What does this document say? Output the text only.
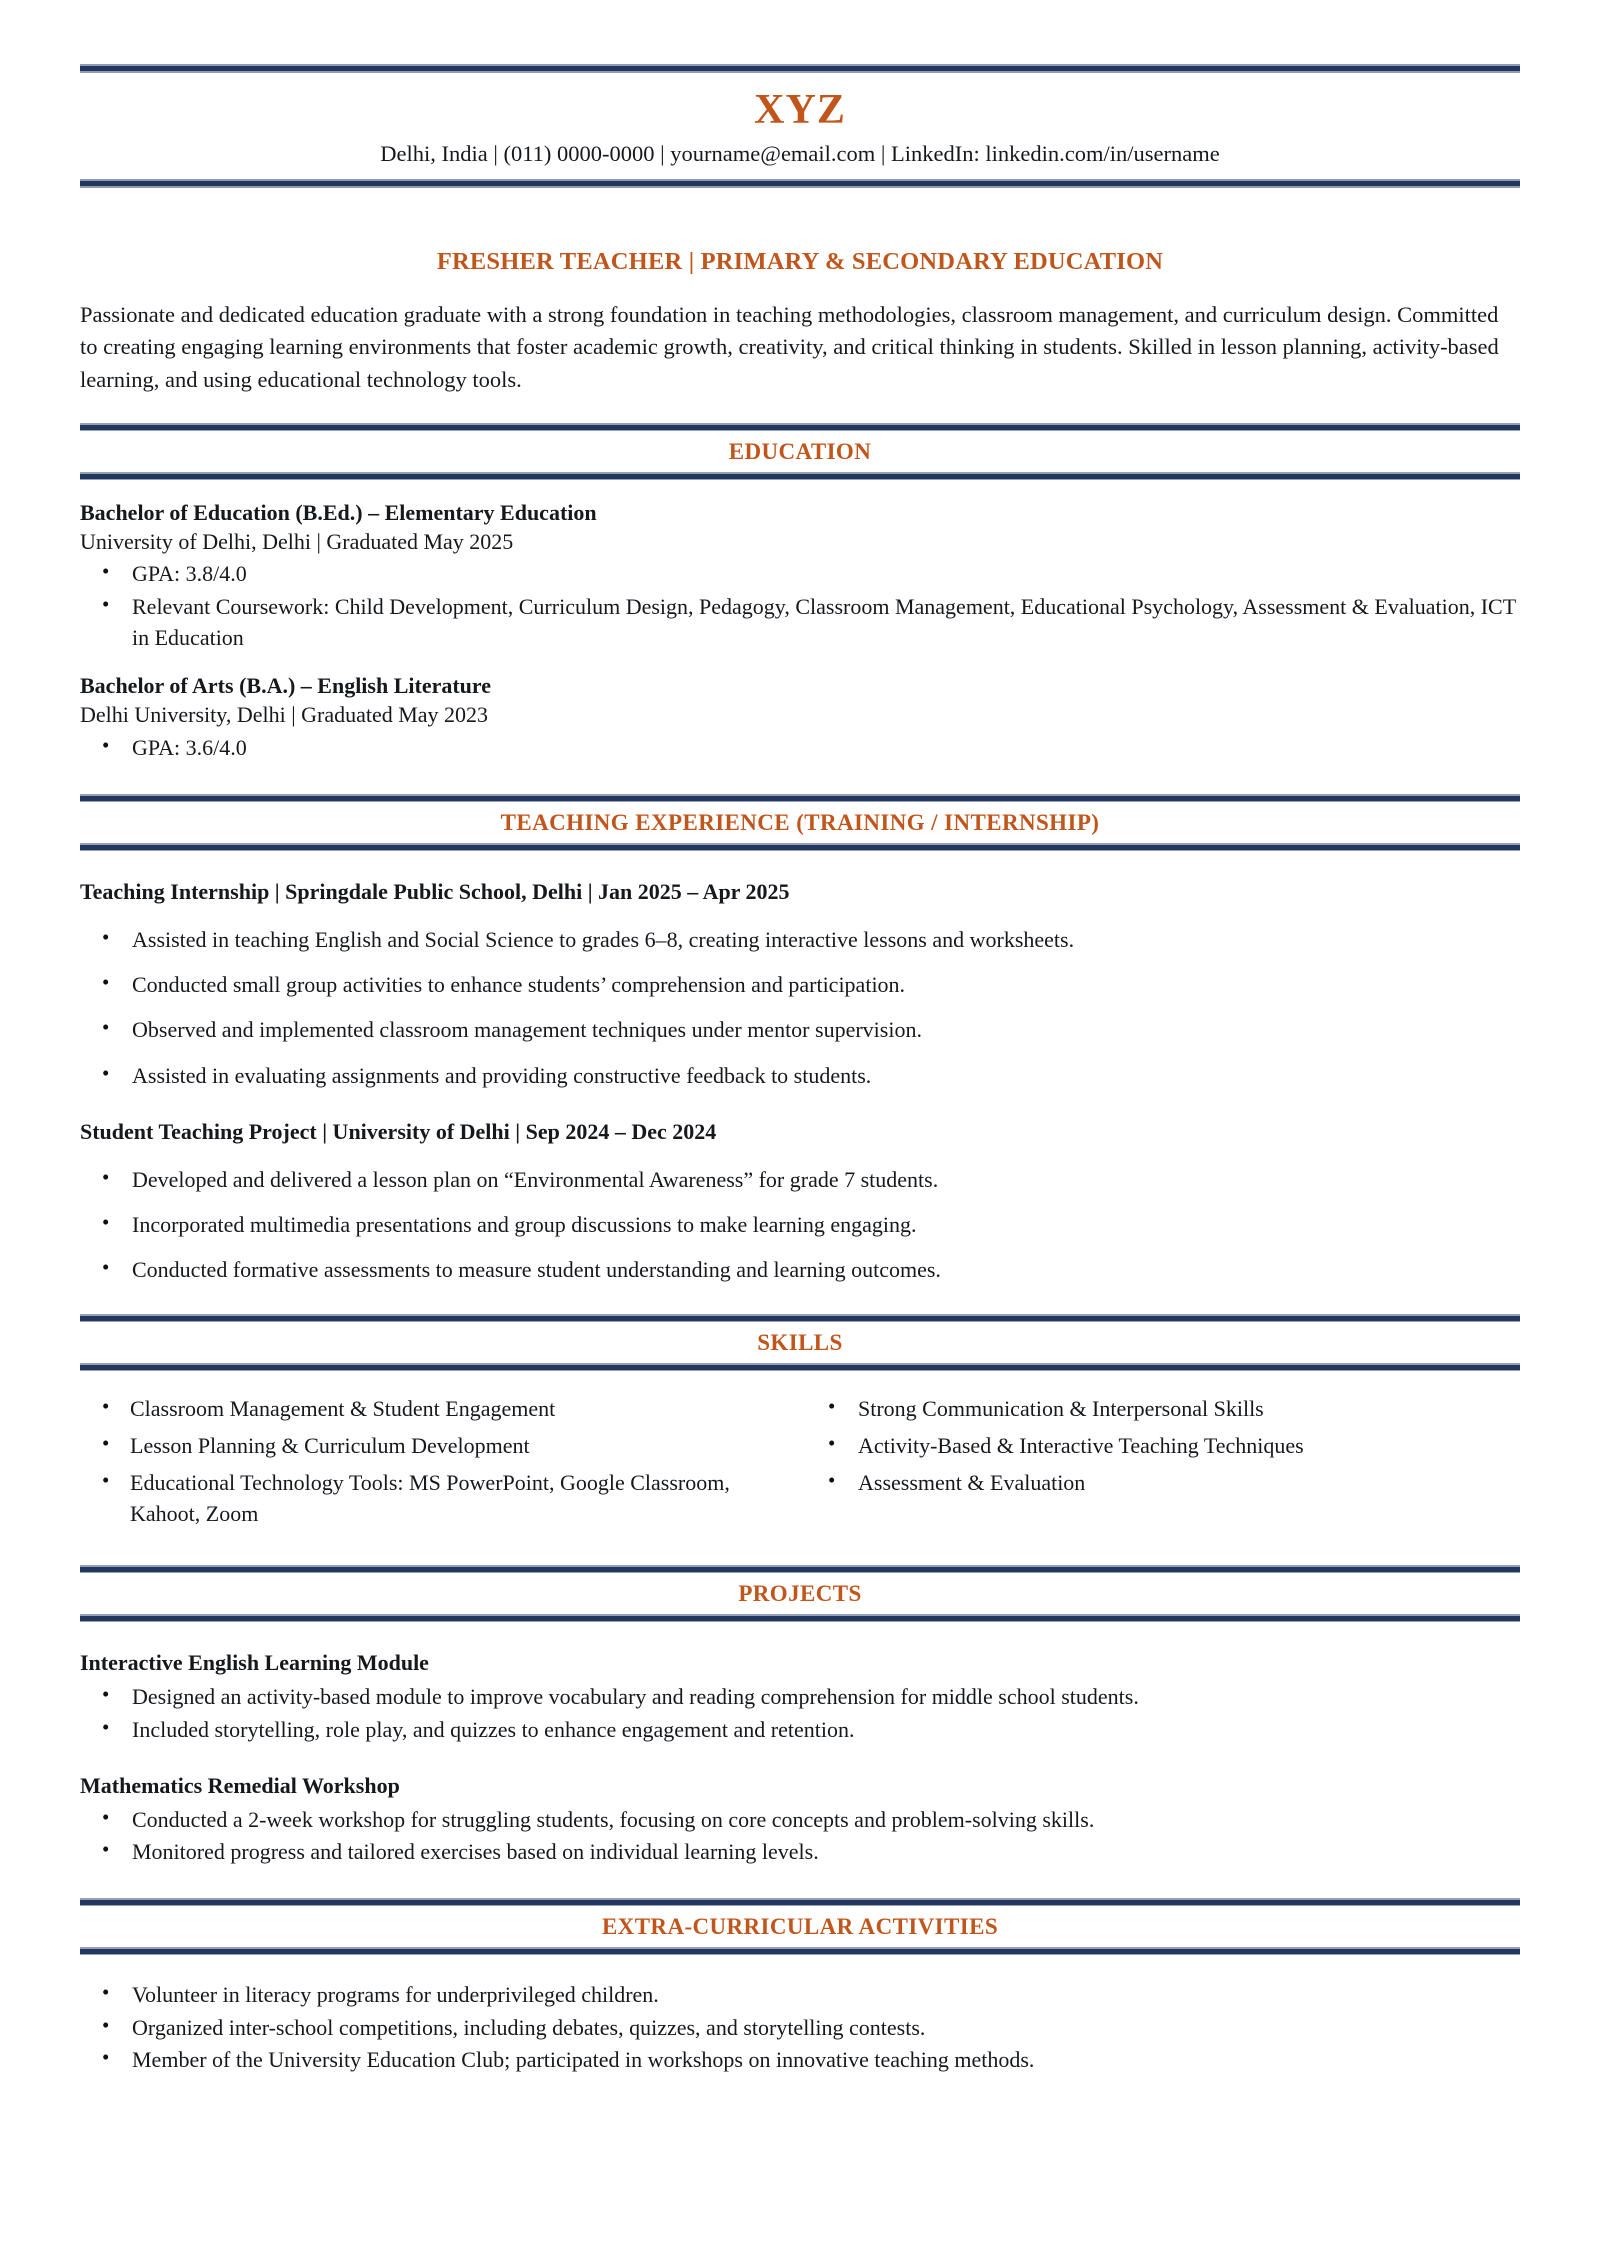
XYZ
Delhi, India | (011) 0000-0000 | yourname@email.com | LinkedIn: linkedin.com/in/username
FRESHER TEACHER | PRIMARY & SECONDARY EDUCATION
Passionate and dedicated education graduate with a strong foundation in teaching methodologies, classroom management, and curriculum design. Committed to creating engaging learning environments that foster academic growth, creativity, and critical thinking in students. Skilled in lesson planning, activity-based learning, and using educational technology tools.
EDUCATION
Bachelor of Education (B.Ed.) – Elementary Education
University of Delhi, Delhi | Graduated May 2025
• GPA: 3.8/4.0
• Relevant Coursework: Child Development, Curriculum Design, Pedagogy, Classroom Management, Educational Psychology, Assessment & Evaluation, ICT in Education
Bachelor of Arts (B.A.) – English Literature
Delhi University, Delhi | Graduated May 2023
• GPA: 3.6/4.0
TEACHING EXPERIENCE (TRAINING / INTERNSHIP)
Teaching Internship | Springdale Public School, Delhi | Jan 2025 – Apr 2025
• Assisted in teaching English and Social Science to grades 6–8, creating interactive lessons and worksheets.
• Conducted small group activities to enhance students’ comprehension and participation.
• Observed and implemented classroom management techniques under mentor supervision.
• Assisted in evaluating assignments and providing constructive feedback to students.
Student Teaching Project | University of Delhi | Sep 2024 – Dec 2024
• Developed and delivered a lesson plan on “Environmental Awareness” for grade 7 students.
• Incorporated multimedia presentations and group discussions to make learning engaging.
• Conducted formative assessments to measure student understanding and learning outcomes.
SKILLS
• Classroom Management & Student Engagement
• Lesson Planning & Curriculum Development
• Educational Technology Tools: MS PowerPoint, Google Classroom, Kahoot, Zoom
• Strong Communication & Interpersonal Skills
• Activity-Based & Interactive Teaching Techniques
• Assessment & Evaluation
PROJECTS
Interactive English Learning Module
• Designed an activity-based module to improve vocabulary and reading comprehension for middle school students.
• Included storytelling, role play, and quizzes to enhance engagement and retention.
Mathematics Remedial Workshop
• Conducted a 2-week workshop for struggling students, focusing on core concepts and problem-solving skills.
• Monitored progress and tailored exercises based on individual learning levels.
EXTRA-CURRICULAR ACTIVITIES
• Volunteer in literacy programs for underprivileged children.
• Organized inter-school competitions, including debates, quizzes, and storytelling contests.
• Member of the University Education Club; participated in workshops on innovative teaching methods.
